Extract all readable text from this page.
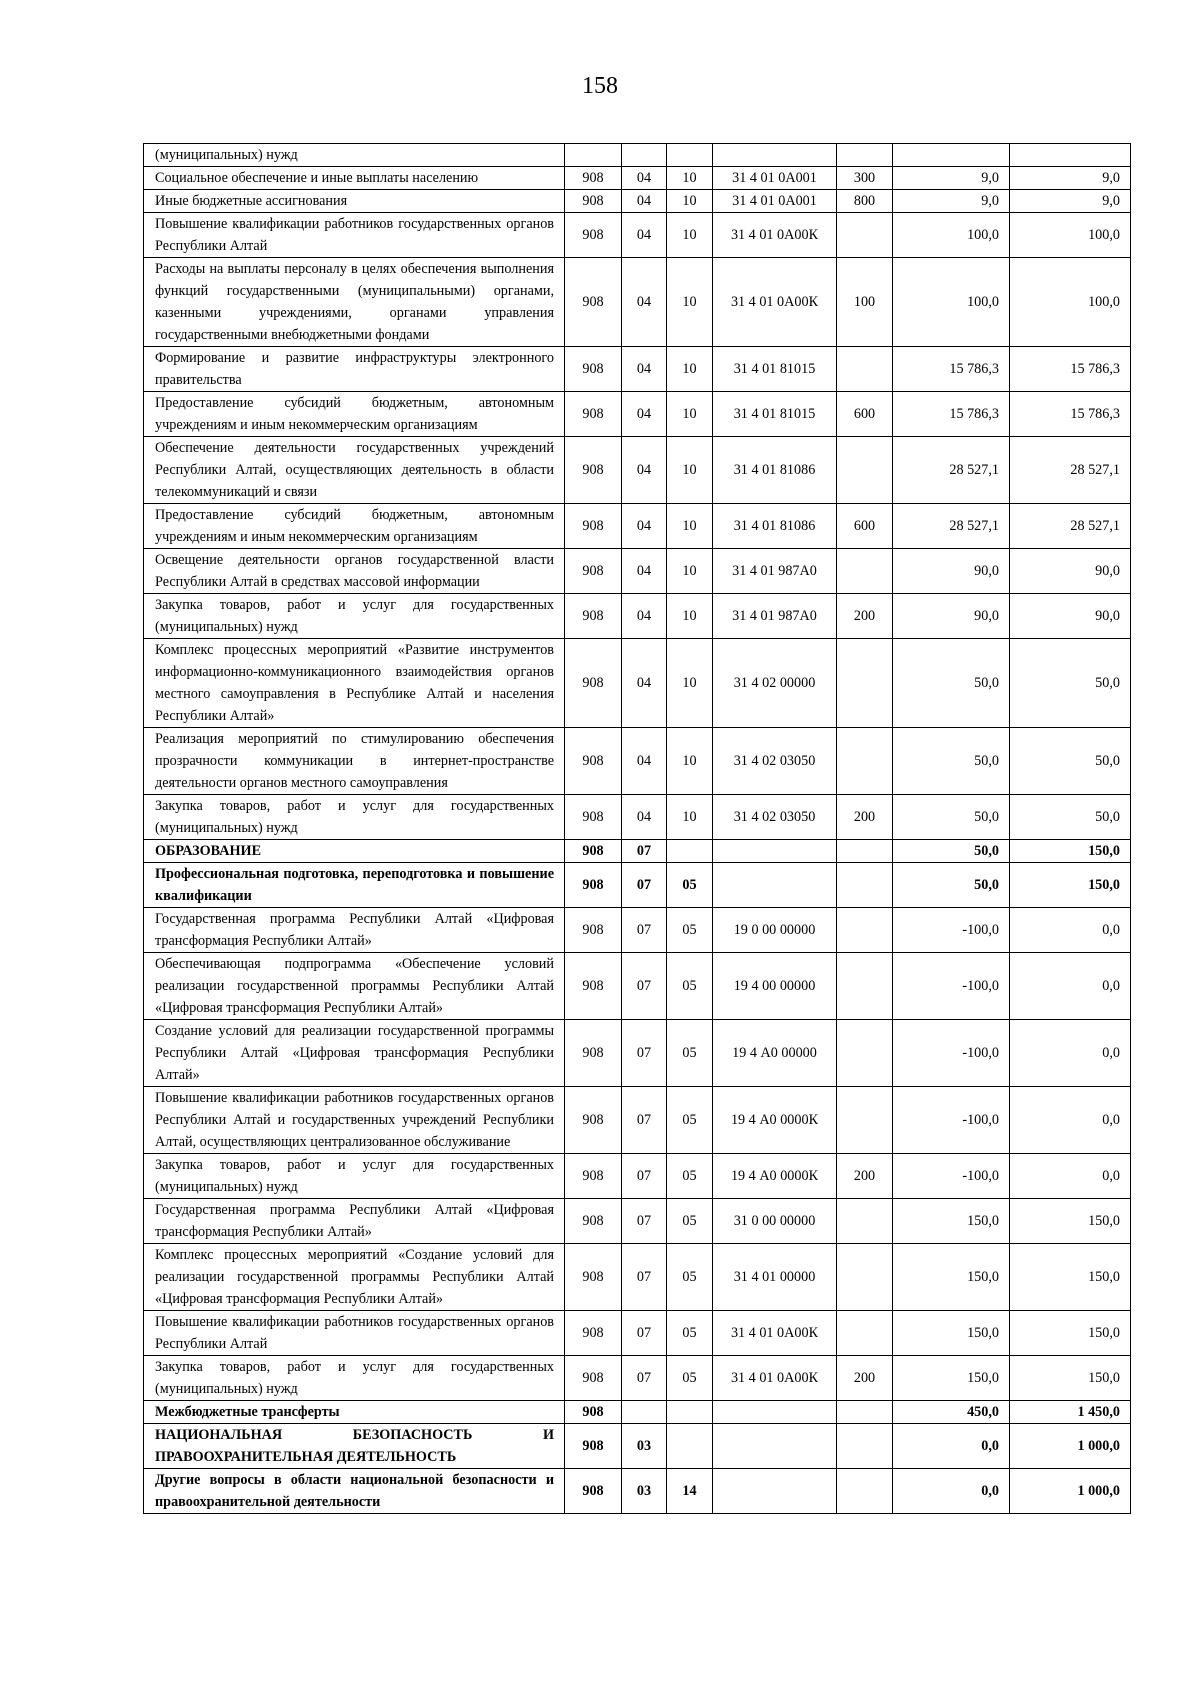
158
(муниципальных) нужд							
Социальное обеспечение и иные выплаты населению	908	04	10	31 4 01 0А001	300	9,0	9,0
Иные бюджетные ассигнования	908	04	10	31 4 01 0А001	800	9,0	9,0
Повышение квалификации работников государственных органов Республики Алтай	908	04	10	31 4 01 0А00К		100,0	100,0
Расходы на выплаты персоналу в целях обеспечения выполнения функций государственными (муниципальными) органами, казенными учреждениями, органами управления государственными внебюджетными фондами	908	04	10	31 4 01 0А00К	100	100,0	100,0
Формирование и развитие инфраструктуры электронного правительства	908	04	10	31 4 01 81015		15 786,3	15 786,3
Предоставление субсидий бюджетным, автономным учреждениям и иным некоммерческим организациям	908	04	10	31 4 01 81015	600	15 786,3	15 786,3
Обеспечение деятельности государственных учреждений Республики Алтай, осуществляющих деятельность в области телекоммуникаций и связи	908	04	10	31 4 01 81086		28 527,1	28 527,1
Предоставление субсидий бюджетным, автономным учреждениям и иным некоммерческим организациям	908	04	10	31 4 01 81086	600	28 527,1	28 527,1
Освещение деятельности органов государственной власти Республики Алтай в средствах массовой информации	908	04	10	31 4 01 987А0		90,0	90,0
Закупка товаров, работ и услуг для государственных (муниципальных) нужд	908	04	10	31 4 01 987А0	200	90,0	90,0
Комплекс процессных мероприятий «Развитие инструментов информационно-коммуникационного взаимодействия органов местного самоуправления в Республике Алтай и населения Республики Алтай»	908	04	10	31 4 02 00000		50,0	50,0
Реализация мероприятий по стимулированию обеспечения прозрачности коммуникации в интернет-пространстве деятельности органов местного самоуправления	908	04	10	31 4 02 03050		50,0	50,0
Закупка товаров, работ и услуг для государственных (муниципальных) нужд	908	04	10	31 4 02 03050	200	50,0	50,0
ОБРАЗОВАНИЕ	908	07				50,0	150,0
Профессиональная подготовка, переподготовка и повышение квалификации	908	07	05			50,0	150,0
Государственная программа Республики Алтай «Цифровая трансформация Республики Алтай»	908	07	05	19 0 00 00000		-100,0	0,0
Обеспечивающая подпрограмма «Обеспечение условий реализации государственной программы Республики Алтай «Цифровая трансформация Республики Алтай»	908	07	05	19 4 00 00000		-100,0	0,0
Создание условий для реализации государственной программы Республики Алтай «Цифровая трансформация Республики Алтай»	908	07	05	19 4 А0 00000		-100,0	0,0
Повышение квалификации работников государственных органов Республики Алтай и государственных учреждений Республики Алтай, осуществляющих централизованное обслуживание	908	07	05	19 4 А0 0000К		-100,0	0,0
Закупка товаров, работ и услуг для государственных (муниципальных) нужд	908	07	05	19 4 А0 0000К	200	-100,0	0,0
Государственная программа Республики Алтай «Цифровая трансформация Республики Алтай»	908	07	05	31 0 00 00000		150,0	150,0
Комплекс процессных мероприятий «Создание условий для реализации государственной программы Республики Алтай «Цифровая трансформация Республики Алтай»	908	07	05	31 4 01 00000		150,0	150,0
Повышение квалификации работников государственных органов Республики Алтай	908	07	05	31 4 01 0А00К		150,0	150,0
Закупка товаров, работ и услуг для государственных (муниципальных) нужд	908	07	05	31 4 01 0А00К	200	150,0	150,0
Межбюджетные трансферты	908					450,0	1 450,0
НАЦИОНАЛЬНАЯ БЕЗОПАСНОСТЬ И ПРАВООХРАНИТЕЛЬНАЯ ДЕЯТЕЛЬНОСТЬ	908	03				0,0	1 000,0
Другие вопросы в области национальной безопасности и правоохранительной деятельности	908	03	14			0,0	1 000,0
